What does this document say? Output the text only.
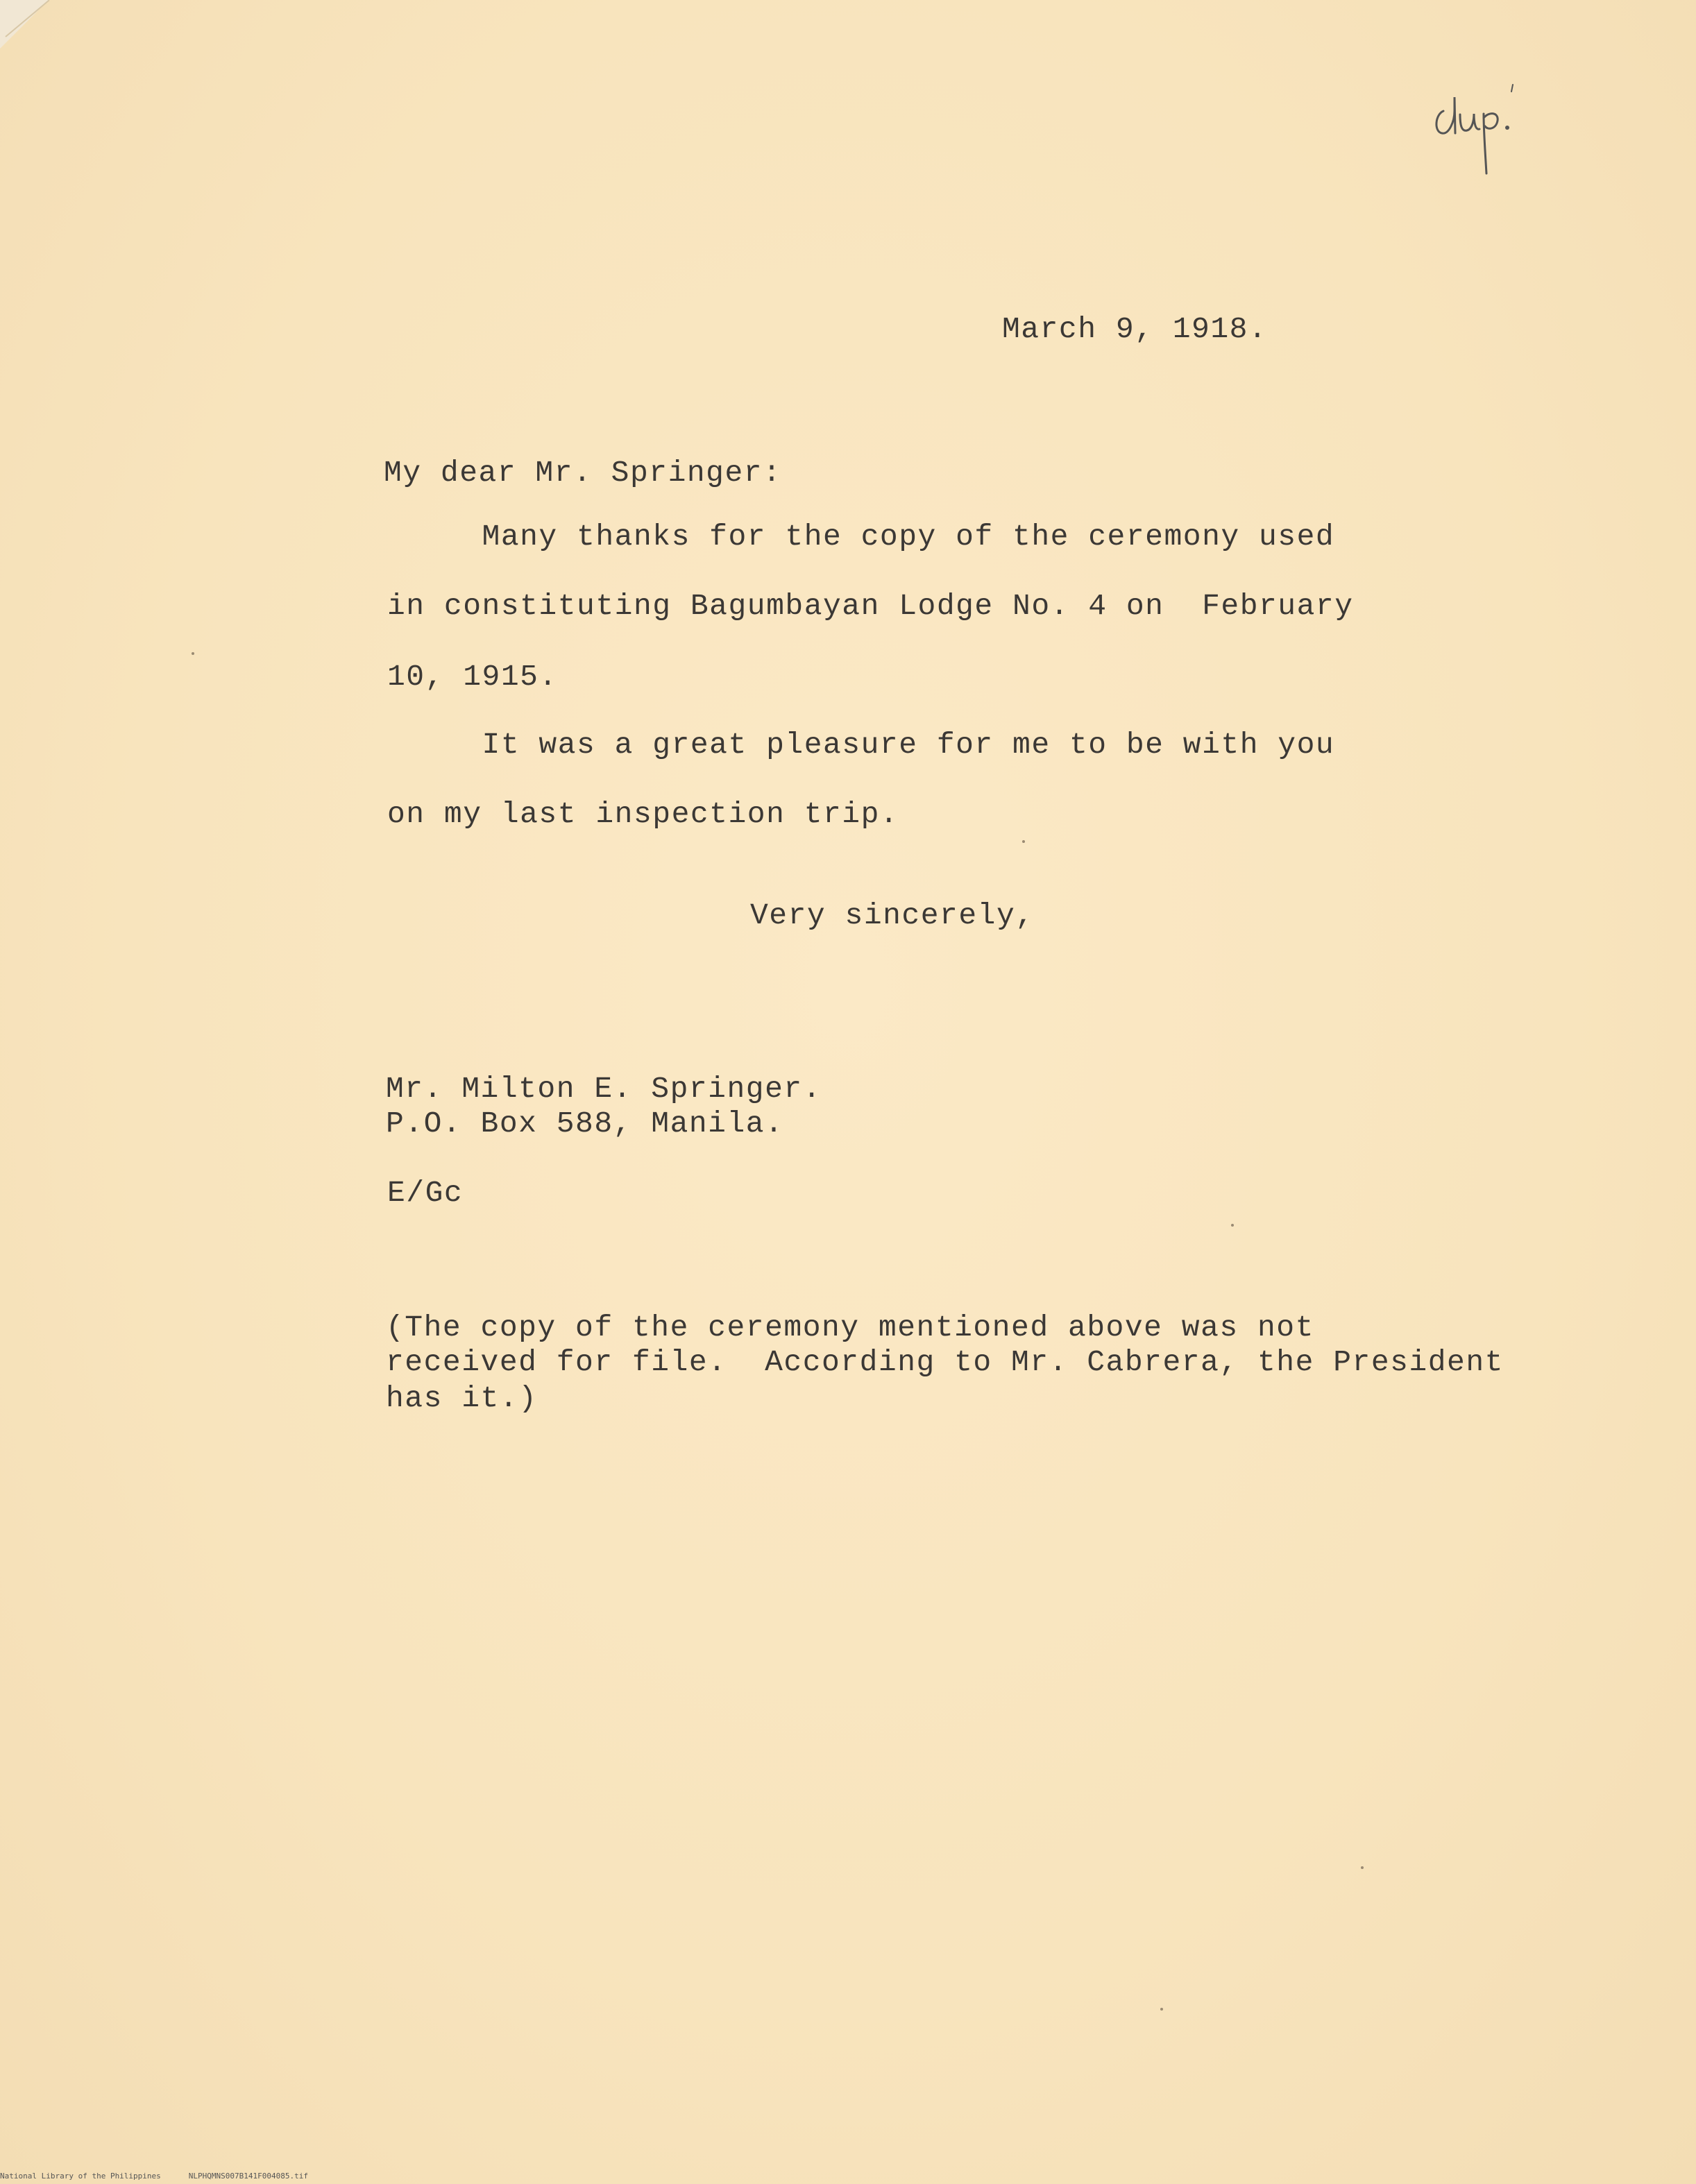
March 9, 1918.
My dear Mr. Springer:
Many thanks for the copy of the ceremony used
in constituting Bagumbayan Lodge No. 4 on  February
10, 1915.
It was a great pleasure for me to be with you
on my last inspection trip.
Very sincerely,
Mr. Milton E. Springer.
P.O. Box 588, Manila.
E/Gc
(The copy of the ceremony mentioned above was not
received for file.  According to Mr. Cabrera, the President
has it.)
National Library of the Philippines	NLPHQMNS007B141F004085.tif
